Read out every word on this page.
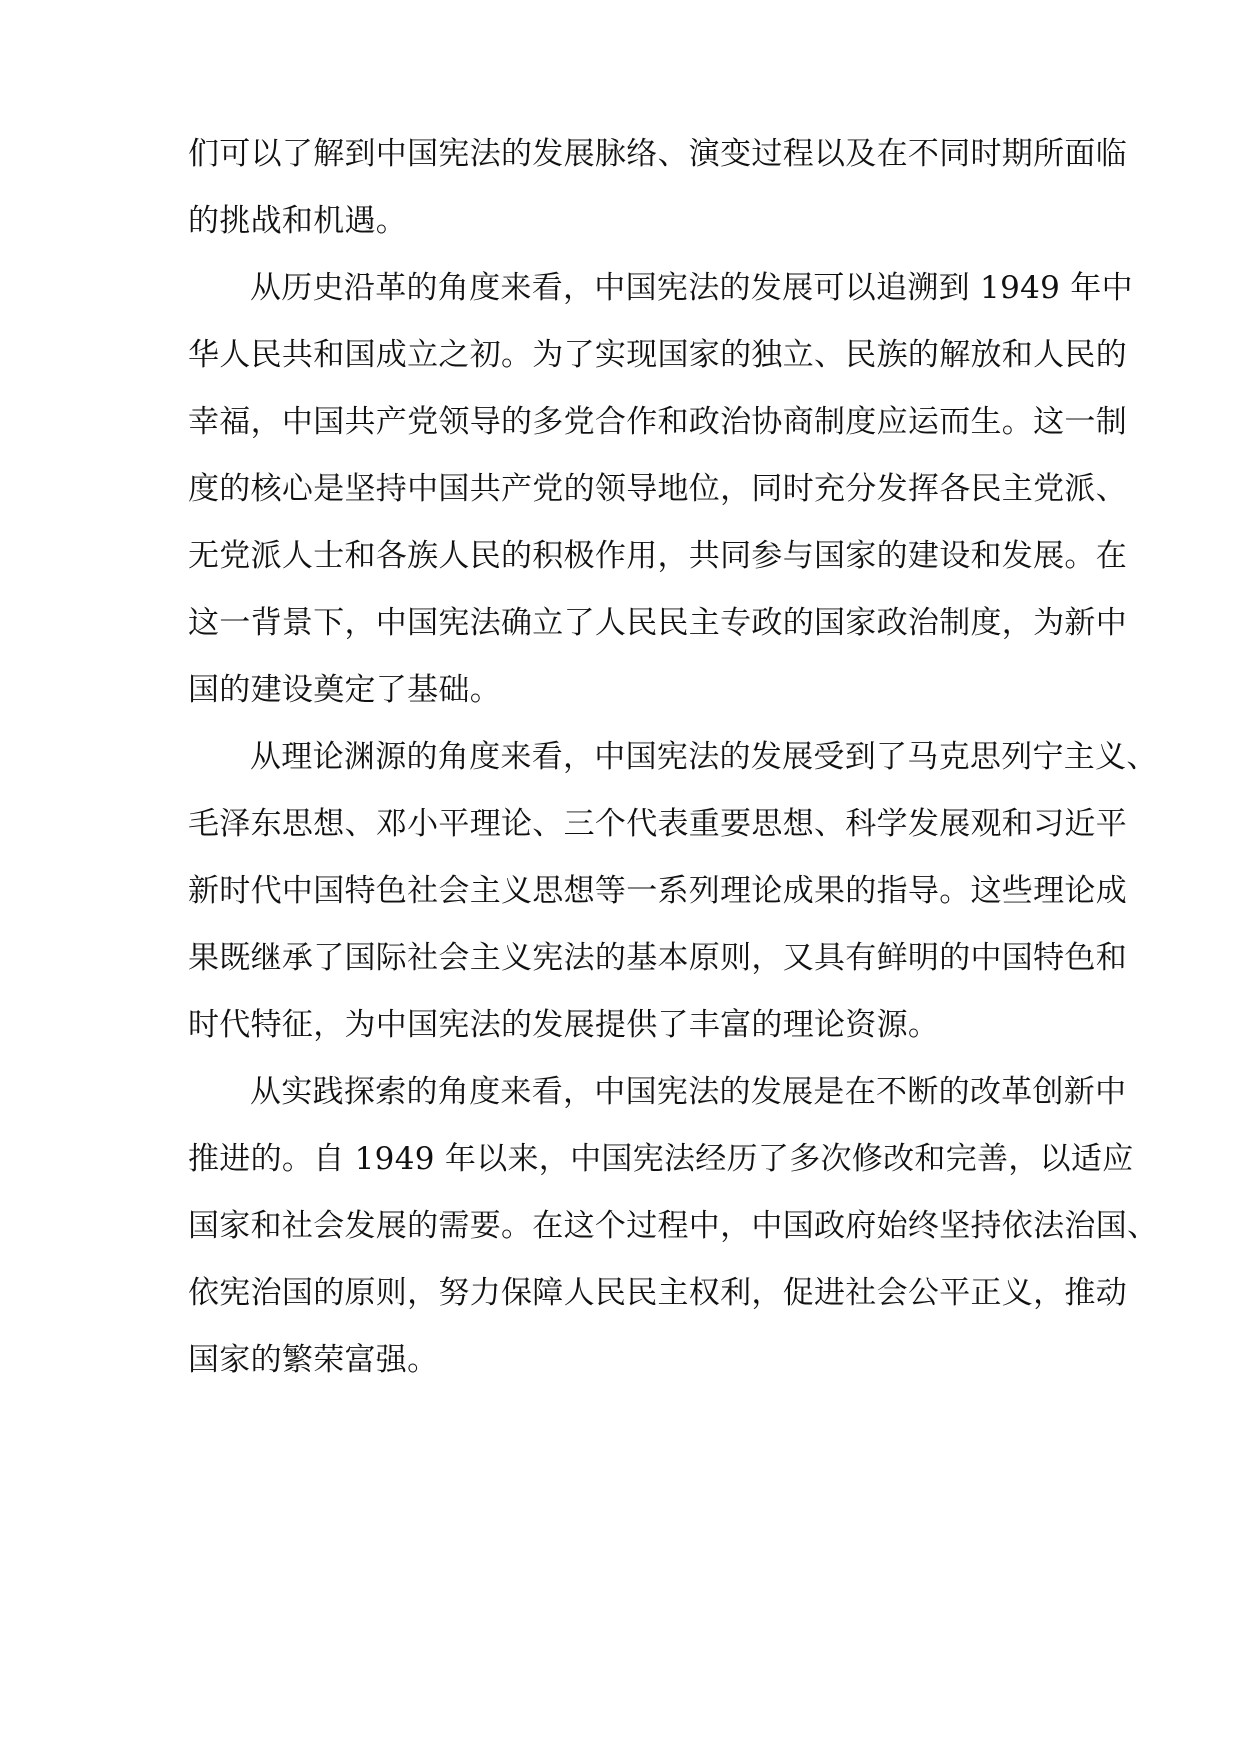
们可以了解到中国宪法的发展脉络、演变过程以及在不同时期所面临
的挑战和机遇。
从历史沿革的角度来看，中国宪法的发展可以追溯到 1949 年中
华人民共和国成立之初。为了实现国家的独立、民族的解放和人民的
幸福，中国共产党领导的多党合作和政治协商制度应运而生。这一制
度的核心是坚持中国共产党的领导地位，同时充分发挥各民主党派、
无党派人士和各族人民的积极作用，共同参与国家的建设和发展。在
这一背景下，中国宪法确立了人民民主专政的国家政治制度，为新中
国的建设奠定了基础。
从理论渊源的角度来看，中国宪法的发展受到了马克思列宁主义、
毛泽东思想、邓小平理论、三个代表重要思想、科学发展观和习近平
新时代中国特色社会主义思想等一系列理论成果的指导。这些理论成
果既继承了国际社会主义宪法的基本原则，又具有鲜明的中国特色和
时代特征，为中国宪法的发展提供了丰富的理论资源。
从实践探索的角度来看，中国宪法的发展是在不断的改革创新中
推进的。自 1949 年以来，中国宪法经历了多次修改和完善，以适应
国家和社会发展的需要。在这个过程中，中国政府始终坚持依法治国、
依宪治国的原则，努力保障人民民主权利，促进社会公平正义，推动
国家的繁荣富强。
